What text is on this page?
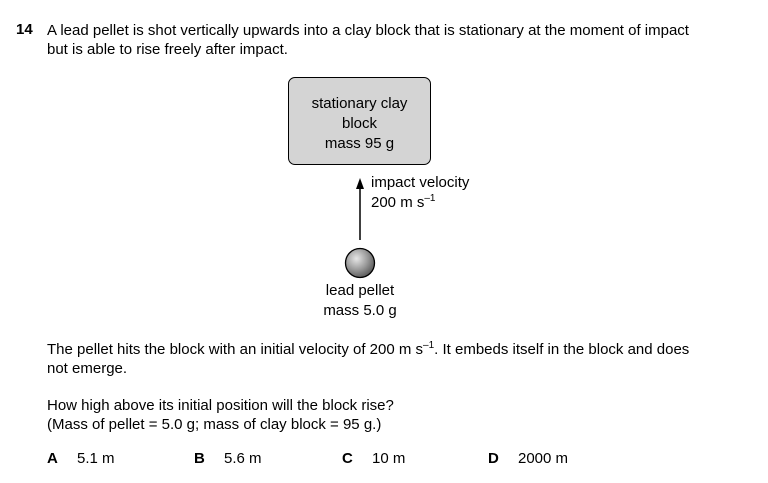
14 A lead pellet is shot vertically upwards into a clay block that is stationary at the moment of impact
but is able to rise freely after impact.
stationary clay
block
mass 95 g
impact velocity
200 m $s^{-1}$
lead pellet
mass 5.0 g
The pellet hits the block with an initial velocity of 200 m $s^{-1}$. It embeds itself in the block and does
not emerge.
How high above its initial position will the block rise?
(Mass of pellet = 5.0 g; mass of clay block = 95 g.)
A 5.1 m	B 5.6 m	C 10 m	D 2000 m
